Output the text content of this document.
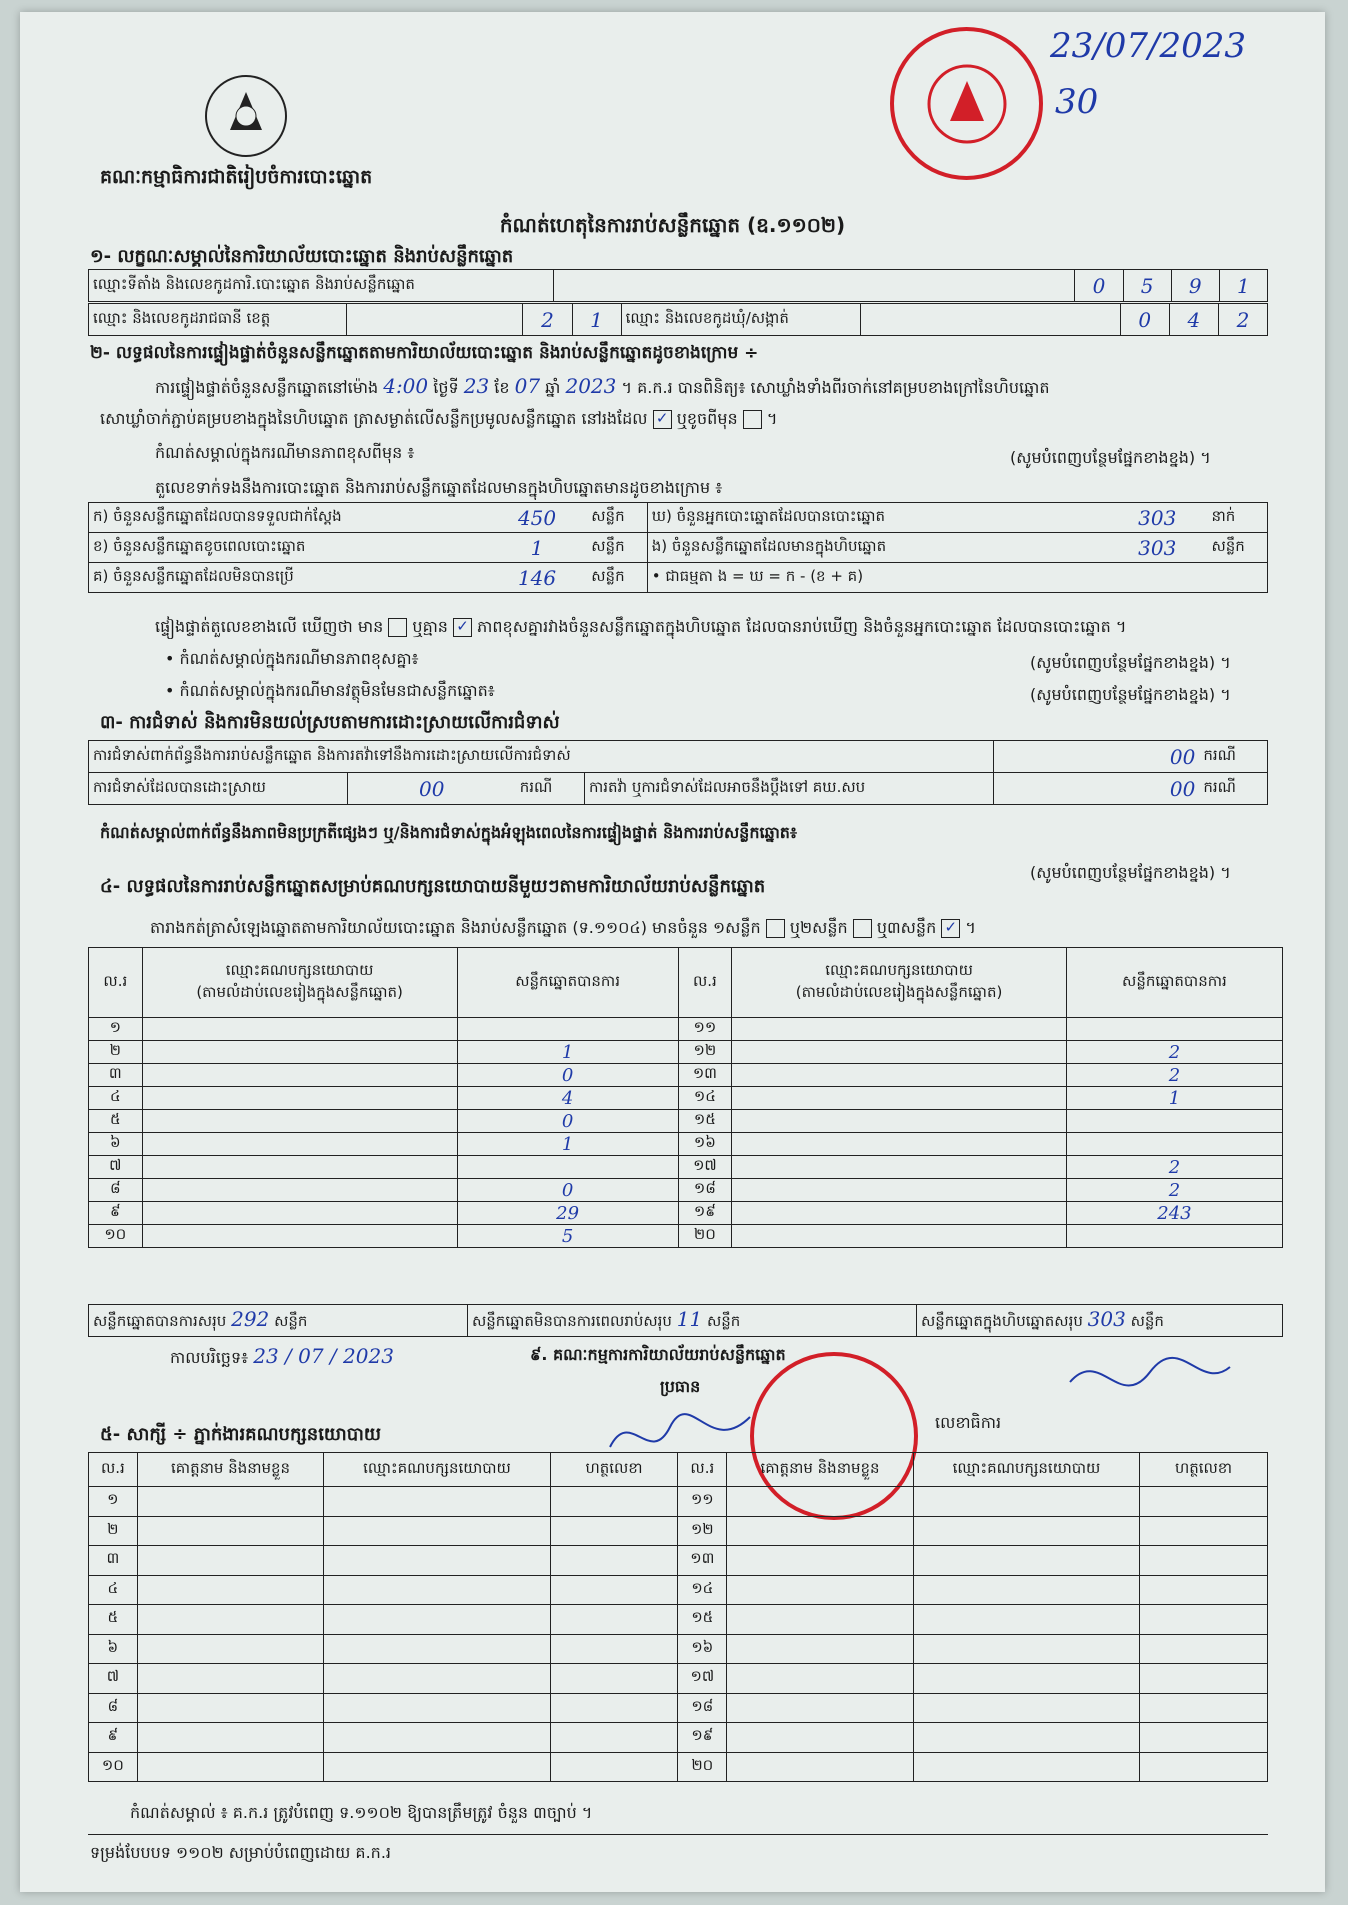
គណៈកម្មាធិការជាតិរៀបចំការបោះឆ្នោត
23/07/2023
30
កំណត់ហេតុនៃការរាប់សន្លឹកឆ្នោត (ឧ.១១០២)
១- លក្ខណៈសម្គាល់នៃការិយាល័យបោះឆ្នោត និងរាប់សន្លឹកឆ្នោត
ឈ្មោះទីតាំង និងលេខកូដការិ.បោះឆ្នោត និងរាប់សន្លឹកឆ្នោត		0	5	9	1
ឈ្មោះ និងលេខកូដរាជធានី ខេត្ត		2	1	ឈ្មោះ និងលេខកូដឃុំ/សង្កាត់		0	4	2
២- លទ្ធផលនៃការផ្ទៀងផ្ទាត់ចំនួនសន្លឹកឆ្នោតតាមការិយាល័យបោះឆ្នោត និងរាប់សន្លឹកឆ្នោតដូចខាងក្រោម ÷
ការផ្ទៀងផ្ទាត់ចំនួនសន្លឹកឆ្នោតនៅម៉ោង 4:00 ថ្ងៃទី 23 ខែ 07 ឆ្នាំ 2023 ។ គ.ក.រ បានពិនិត្យ៖ សោឃ្លាំងទាំងពីរចាក់នៅគម្របខាងក្រៅនៃហិបឆ្នោត
សោឃ្លាំចាក់ភ្ជាប់គម្របខាងក្នុងនៃហិបឆ្នោត ត្រាសម្ងាត់លើសន្លឹកប្រមូលសន្លឹកឆ្នោត នៅរងដែល ✓ ឬខូចពីមុន  ។
កំណត់សម្គាល់ក្នុងករណីមានភាពខុសពីមុន ៖	(សូមបំពេញបន្ថែមផ្នែកខាងខ្នង) ។
តួលេខទាក់ទងនឹងការបោះឆ្នោត និងការរាប់សន្លឹកឆ្នោតដែលមានក្នុងហិបឆ្នោតមានដូចខាងក្រោម ៖
ក) ចំនួនសន្លឹកឆ្នោតដែលបានទទួលជាក់ស្តែង	450	សន្លឹក	ឃ) ចំនួនអ្នកបោះឆ្នោតដែលបានបោះឆ្នោត	303	នាក់
ខ) ចំនួនសន្លឹកឆ្នោតខូចពេលបោះឆ្នោត	1	សន្លឹក	ង) ចំនួនសន្លឹកឆ្នោតដែលមានក្នុងហិបឆ្នោត	303	សន្លឹក
គ) ចំនួនសន្លឹកឆ្នោតដែលមិនបានប្រើ	146	សន្លឹក	• ជាធម្មតា ង = ឃ = ក - (ខ + គ)		
ផ្ទៀងផ្ទាត់តួលេខខាងលើ ឃើញថា មាន ឬគ្មាន ✓ ភាពខុសគ្នារវាងចំនួនសន្លឹកឆ្នោតក្នុងហិបឆ្នោត ដែលបានរាប់ឃើញ និងចំនួនអ្នកបោះឆ្នោត ដែលបានបោះឆ្នោត ។
• កំណត់សម្គាល់ក្នុងករណីមានភាពខុសគ្នា៖	(សូមបំពេញបន្ថែមផ្នែកខាងខ្នង) ។
• កំណត់សម្គាល់ក្នុងករណីមានវត្ថុមិនមែនជាសន្លឹកឆ្នោត៖	(សូមបំពេញបន្ថែមផ្នែកខាងខ្នង) ។
៣- ការជំទាស់ និងការមិនយល់ស្របតាមការដោះស្រាយលើការជំទាស់
ការជំទាស់ពាក់ព័ន្ធនឹងការរាប់សន្លឹកឆ្នោត និងការតវ៉ាទៅនឹងការដោះស្រាយលើការជំទាស់				00	ករណី
ការជំទាស់ដែលបានដោះស្រាយ	00	ករណី	ការតវ៉ា ឬការជំទាស់ដែលអាចនឹងប្តឹងទៅ គឃ.សប	00	ករណី
កំណត់សម្គាល់ពាក់ព័ន្ធនឹងភាពមិនប្រក្រតីផ្សេងៗ ឬ/និងការជំទាស់ក្នុងអំឡុងពេលនៃការផ្ទៀងផ្ទាត់ និងការរាប់សន្លឹកឆ្នោត៖
(សូមបំពេញបន្ថែមផ្នែកខាងខ្នង) ។
៤- លទ្ធផលនៃការរាប់សន្លឹកឆ្នោតសម្រាប់គណបក្សនយោបាយនីមួយៗតាមការិយាល័យរាប់សន្លឹកឆ្នោត
តារាងកត់ត្រាសំឡេងឆ្នោតតាមការិយាល័យបោះឆ្នោត និងរាប់សន្លឹកឆ្នោត (ទ.១១០៤) មានចំនួន ១សន្លឹក ឬ២សន្លឹក ឬ៣សន្លឹក ✓ ។
ល.រ	ឈ្មោះគណបក្សនយោបាយ
(តាមលំដាប់លេខរៀងក្នុងសន្លឹកឆ្នោត)	សន្លឹកឆ្នោតបានការ	ល.រ	ឈ្មោះគណបក្សនយោបាយ
(តាមលំដាប់លេខរៀងក្នុងសន្លឹកឆ្នោត)	សន្លឹកឆ្នោតបានការ
១			១១		
២		1	១២		2
៣		0	១៣		2
៤		4	១៤		1
៥		0	១៥		
៦		1	១៦		
៧			១៧		2
៨		0	១៨		2
៩		29	១៩		243
១០		5	២០		
សន្លឹកឆ្នោតបានការសរុប 292 សន្លឹក	សន្លឹកឆ្នោតមិនបានការពេលរាប់សរុប 11 សន្លឹក	សន្លឹកឆ្នោតក្នុងហិបឆ្នោតសរុប 303 សន្លឹក
កាលបរិច្ឆេទ៖ 23 / 07 / 2023	៩. គណៈកម្មការការិយាល័យរាប់សន្លឹកឆ្នោត
ប្រធាន
លេខាធិការ
៥- សាក្សី ÷ ភ្នាក់ងារគណបក្សនយោបាយ
ល.រ	គោត្តនាម និងនាមខ្លួន	ឈ្មោះគណបក្សនយោបាយ	ហត្ថលេខា	ល.រ	គោត្តនាម និងនាមខ្លួន	ឈ្មោះគណបក្សនយោបាយ	ហត្ថលេខា
១				១១			
២				១២			
៣				១៣			
៤				១៤			
៥				១៥			
៦				១៦			
៧				១៧			
៨				១៨			
៩				១៩			
១០				២០			
កំណត់សម្គាល់ ៖ គ.ក.រ ត្រូវបំពេញ ទ.១១០២ ឱ្យបានត្រឹមត្រូវ ចំនួន ៣ច្បាប់ ។
ទម្រង់បែបបទ ១១០២ សម្រាប់បំពេញដោយ គ.ក.រ
